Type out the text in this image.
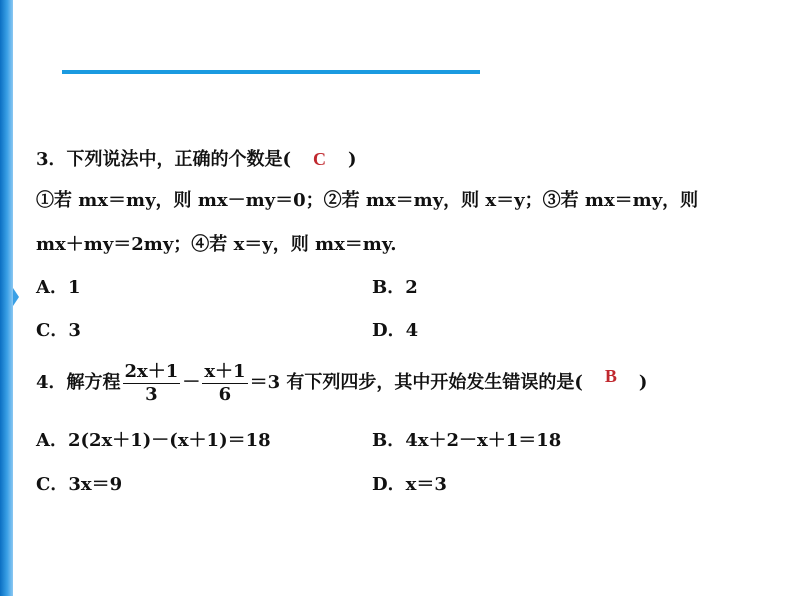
3．下列说法中，正确的个数是( C )
①若 mx＝my，则 mx－my＝0；②若 mx＝my，则 x＝y；③若 mx＝my，则
mx＋my＝2my；④若 x＝y，则 mx＝my.
A．1	B．2
C．3	D．4
4．解方程 $\frac{2x+1}{3} - \frac{x+1}{6} =3$ 有下列四步，其中开始发生错误的是( B )
A．2(2x＋1)－(x＋1)＝18	B．4x＋2－x＋1＝18
C．3x＝9	D．x＝3
